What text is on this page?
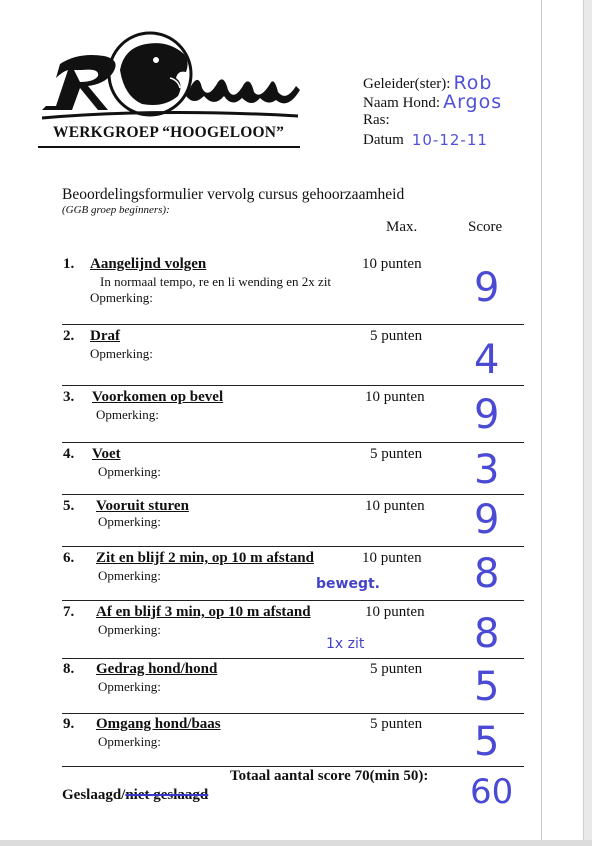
WERKGROEP “HOOGELOON”
Geleider(ster): Rob
Naam Hond: Argos
Ras:
Datum 10-12-11
Beoordelingsformulier vervolg cursus gehoorzaamheid
(GGB groep beginners):
Max.	Score
1. Aangelijnd volgen
In normaal tempo, re en li wending en 2x zit
Opmerking:
10 punten
9
2. Draf
Opmerking:
5 punten
4
3. Voorkomen op bevel
Opmerking:
10 punten 9
4. Voet
Opmerking:
5 punten 3
5. Vooruit sturen
Opmerking:
10 punten 9
6. Zit en blijf 2 min, op 10 m afstand
Opmerking:
10 punten 8
bewegt.
7. Af en blijf 3 min, op 10 m afstand
Opmerking:
10 punten 8
1x zit
8. Gedrag hond/hond
Opmerking:
5 punten 5
9. Omgang hond/baas
Opmerking:
5 punten 5
Totaal aantal score 70(min 50): 60
Geslaagd/niet geslaagd
